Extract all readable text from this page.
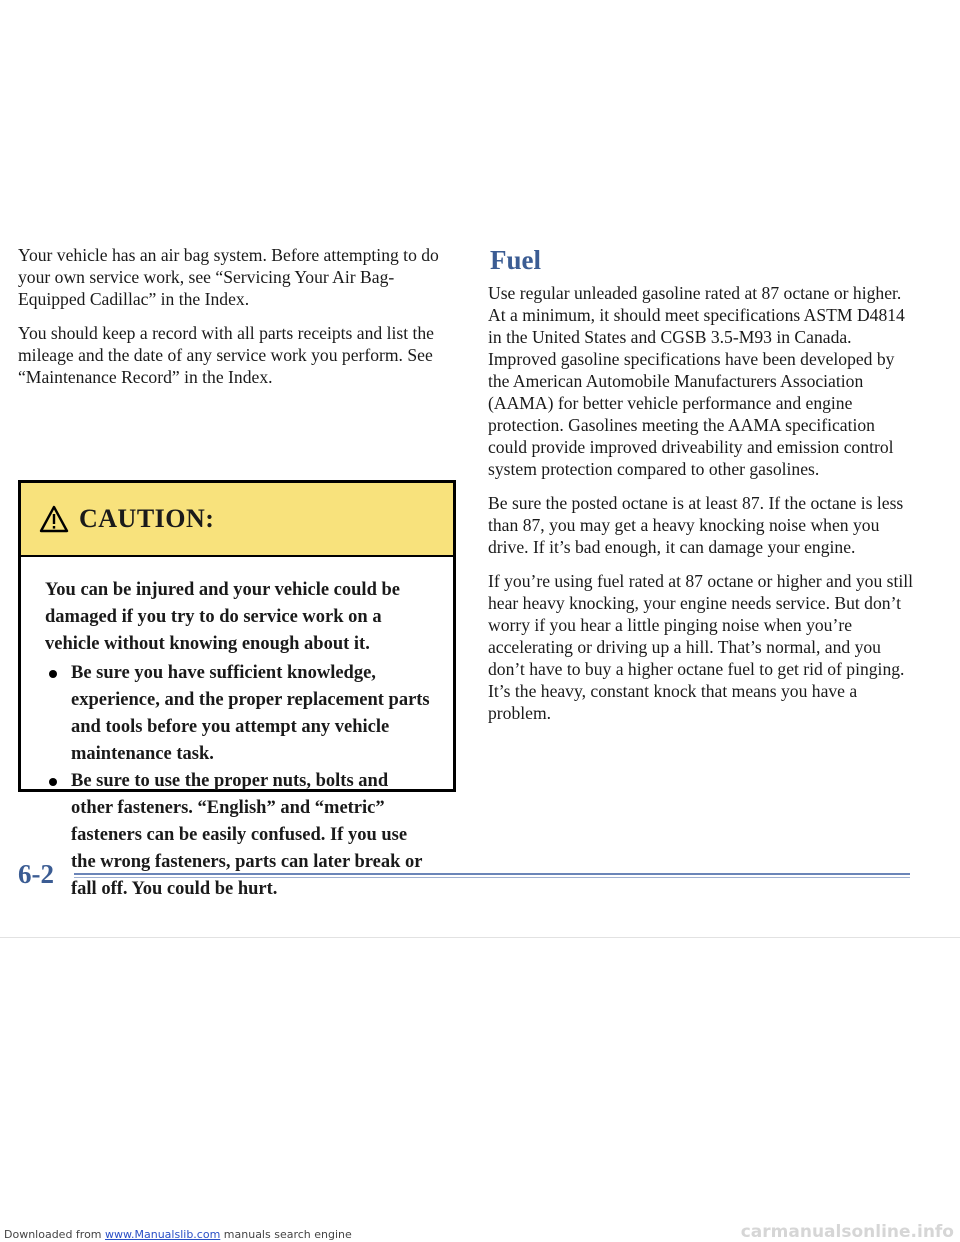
Your vehicle has an air bag system. Before attempting to do your own service work, see “Servicing Your Air Bag-Equipped Cadillac” in the Index.

You should keep a record with all parts receipts and list the mileage and the date of any service work you perform. See “Maintenance Record” in the Index.

CAUTION:

You can be injured and your vehicle could be damaged if you try to do service work on a vehicle without knowing enough about it.

Be sure you have sufficient knowledge, experience, and the proper replacement parts and tools before you attempt any vehicle maintenance task.
Be sure to use the proper nuts, bolts and other fasteners. “English” and “metric” fasteners can be easily confused. If you use the wrong fasteners, parts can later break or fall off. You could be hurt.
Fuel

Use regular unleaded gasoline rated at 87 octane or higher. At a minimum, it should meet specifications ASTM D4814 in the United States and CGSB 3.5-M93 in Canada. Improved gasoline specifications have been developed by the American Automobile Manufacturers Association (AAMA) for better vehicle performance and engine protection. Gasolines meeting the AAMA specification could provide improved driveability and emission control system protection compared to other gasolines.

Be sure the posted octane is at least 87. If the octane is less than 87, you may get a heavy knocking noise when you drive. If it’s bad enough, it can damage your engine.

If you’re using fuel rated at 87 octane or higher and you still hear heavy knocking, your engine needs service. But don’t worry if you hear a little pinging noise when you’re accelerating or driving up a hill. That’s normal, and you don’t have to buy a higher octane fuel to get rid of pinging. It’s the heavy, constant knock that means you have a problem.

6-2
Downloaded from www.Manualslib.com manuals search engine	carmanualsonline.info
